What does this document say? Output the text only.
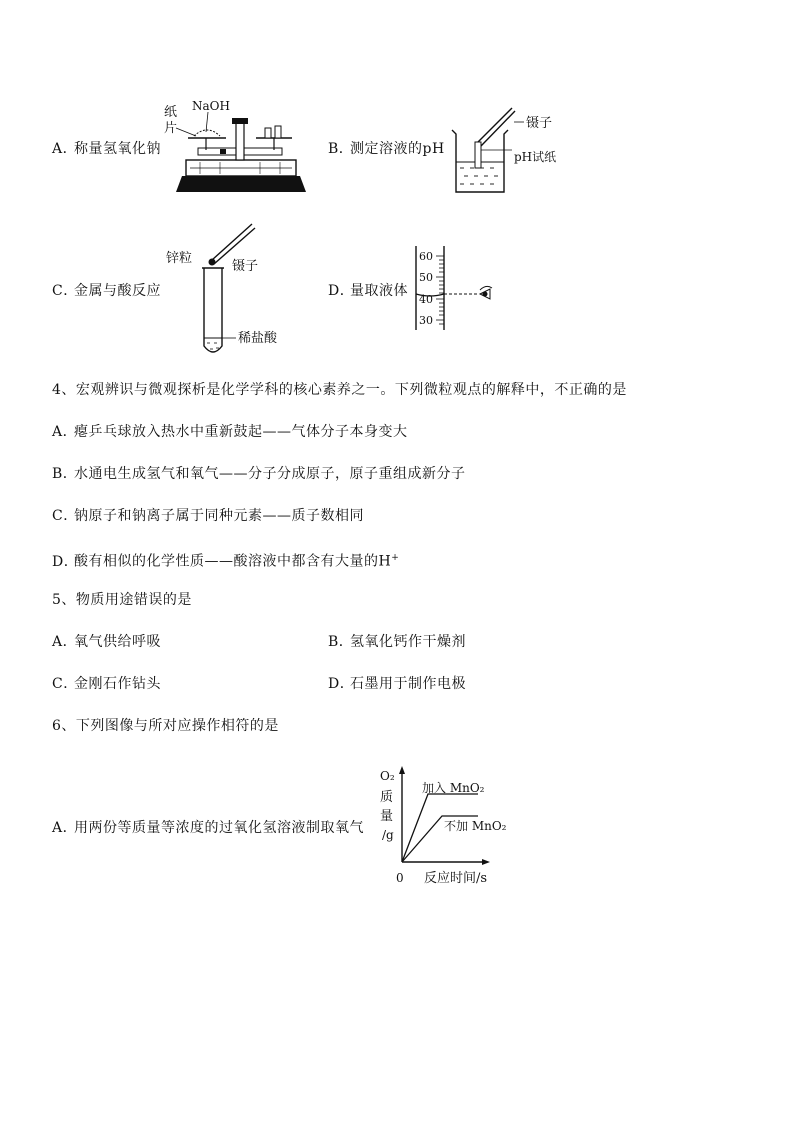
A．称量氢氧化钠
纸
片
NaOH
B．测定溶液的pH
镊子
pH试纸
C．金属与酸反应
锌粒
镊子
稀盐酸
D．量取液体
60
50
40
30
4、宏观辨识与微观探析是化学学科的核心素养之一。下列微粒观点的解释中，不正确的是
A．瘪乒乓球放入热水中重新鼓起——气体分子本身变大
B．水通电生成氢气和氧气——分子分成原子，原子重组成新分子
C．钠原子和钠离子属于同种元素——质子数相同
D．酸有相似的化学性质——酸溶液中都含有大量的H+
5、物质用途错误的是
A．氧气供给呼吸	B．氢氧化钙作干燥剂
C．金刚石作钻头	D．石墨用于制作电极
6、下列图像与所对应操作相符的是
A．用两份等质量等浓度的过氧化氢溶液制取氧气
O₂
质
量
/g
0 反应时间/s
加入 MnO₂
不加 MnO₂
